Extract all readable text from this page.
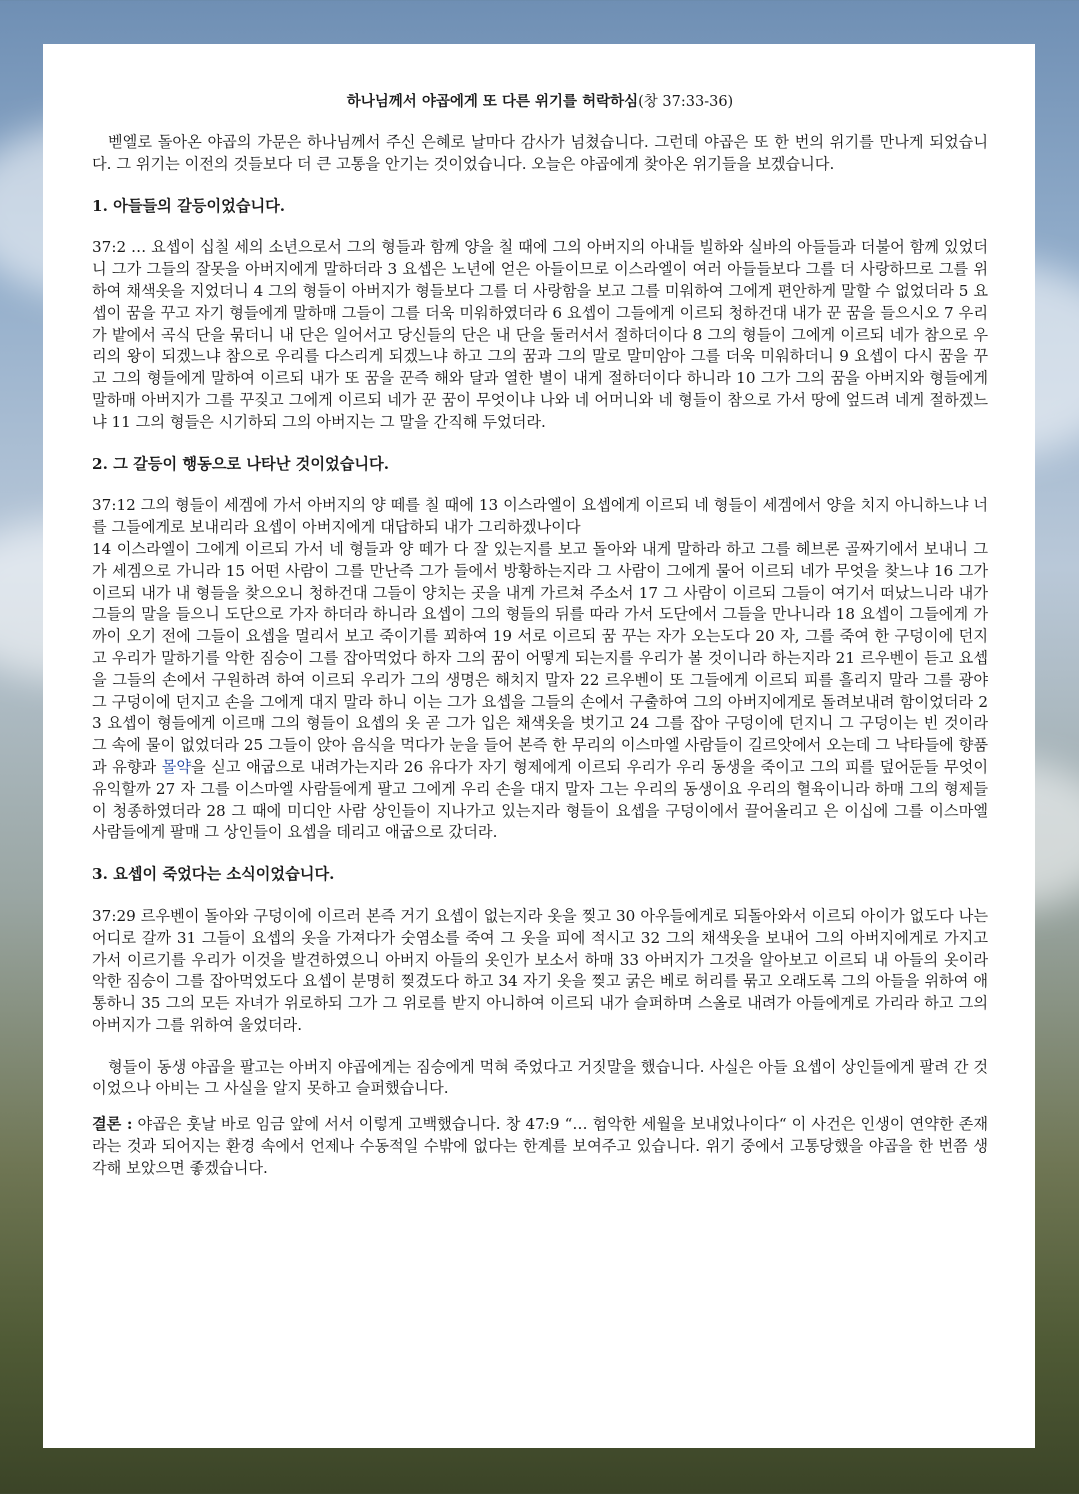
하나님께서 야곱에게 또 다른 위기를 허락하심(창 37:33-36)

벧엘로 돌아온 야곱의 가문은 하나님께서 주신 은혜로 날마다 감사가 넘쳤습니다. 그런데 야곱은 또 한 번의 위기를 만나게 되었습니다. 그 위기는 이전의 것들보다 더 큰 고통을 안기는 것이었습니다. 오늘은 야곱에게 찾아온 위기들을 보겠습니다.

1. 아들들의 갈등이었습니다.

37:2 … 요셉이 십칠 세의 소년으로서 그의 형들과 함께 양을 칠 때에 그의 아버지의 아내들 빌하와 실바의 아들들과 더불어 함께 있었더니 그가 그들의 잘못을 아버지에게 말하더라 3 요셉은 노년에 얻은 아들이므로 이스라엘이 여러 아들들보다 그를 더 사랑하므로 그를 위하여 채색옷을 지었더니 4 그의 형들이 아버지가 형들보다 그를 더 사랑함을 보고 그를 미워하여 그에게 편안하게 말할 수 없었더라 5 요셉이 꿈을 꾸고 자기 형들에게 말하매 그들이 그를 더욱 미워하였더라 6 요셉이 그들에게 이르되 청하건대 내가 꾼 꿈을 들으시오 7 우리가 밭에서 곡식 단을 묶더니 내 단은 일어서고 당신들의 단은 내 단을 둘러서서 절하더이다 8 그의 형들이 그에게 이르되 네가 참으로 우리의 왕이 되겠느냐 참으로 우리를 다스리게 되겠느냐 하고 그의 꿈과 그의 말로 말미암아 그를 더욱 미워하더니 9 요셉이 다시 꿈을 꾸고 그의 형들에게 말하여 이르되 내가 또 꿈을 꾼즉 해와 달과 열한 별이 내게 절하더이다 하니라 10 그가 그의 꿈을 아버지와 형들에게 말하매 아버지가 그를 꾸짖고 그에게 이르되 네가 꾼 꿈이 무엇이냐 나와 네 어머니와 네 형들이 참으로 가서 땅에 엎드려 네게 절하겠느냐 11 그의 형들은 시기하되 그의 아버지는 그 말을 간직해 두었더라.

2. 그 갈등이 행동으로 나타난 것이었습니다.

37:12 그의 형들이 세겜에 가서 아버지의 양 떼를 칠 때에 13 이스라엘이 요셉에게 이르되 네 형들이 세겜에서 양을 치지 아니하느냐 너를 그들에게로 보내리라 요셉이 아버지에게 대답하되 내가 그리하겠나이다

14 이스라엘이 그에게 이르되 가서 네 형들과 양 떼가 다 잘 있는지를 보고 돌아와 내게 말하라 하고 그를 헤브론 골짜기에서 보내니 그가 세겜으로 가니라 15 어떤 사람이 그를 만난즉 그가 들에서 방황하는지라 그 사람이 그에게 물어 이르되 네가 무엇을 찾느냐 16 그가 이르되 내가 내 형들을 찾으오니 청하건대 그들이 양치는 곳을 내게 가르쳐 주소서 17 그 사람이 이르되 그들이 여기서 떠났느니라 내가 그들의 말을 들으니 도단으로 가자 하더라 하니라 요셉이 그의 형들의 뒤를 따라 가서 도단에서 그들을 만나니라 18 요셉이 그들에게 가까이 오기 전에 그들이 요셉을 멀리서 보고 죽이기를 꾀하여 19 서로 이르되 꿈 꾸는 자가 오는도다 20 자, 그를 죽여 한 구덩이에 던지고 우리가 말하기를 악한 짐승이 그를 잡아먹었다 하자 그의 꿈이 어떻게 되는지를 우리가 볼 것이니라 하는지라 21 르우벤이 듣고 요셉을 그들의 손에서 구원하려 하여 이르되 우리가 그의 생명은 해치지 말자 22 르우벤이 또 그들에게 이르되 피를 흘리지 말라 그를 광야 그 구덩이에 던지고 손을 그에게 대지 말라 하니 이는 그가 요셉을 그들의 손에서 구출하여 그의 아버지에게로 돌려보내려 함이었더라 23 요셉이 형들에게 이르매 그의 형들이 요셉의 옷 곧 그가 입은 채색옷을 벗기고 24 그를 잡아 구덩이에 던지니 그 구덩이는 빈 것이라 그 속에 물이 없었더라 25 그들이 앉아 음식을 먹다가 눈을 들어 본즉 한 무리의 이스마엘 사람들이 길르앗에서 오는데 그 낙타들에 향품과 유향과 몰약을 싣고 애굽으로 내려가는지라 26 유다가 자기 형제에게 이르되 우리가 우리 동생을 죽이고 그의 피를 덮어둔들 무엇이 유익할까 27 자 그를 이스마엘 사람들에게 팔고 그에게 우리 손을 대지 말자 그는 우리의 동생이요 우리의 혈육이니라 하매 그의 형제들이 청종하였더라 28 그 때에 미디안 사람 상인들이 지나가고 있는지라 형들이 요셉을 구덩이에서 끌어올리고 은 이십에 그를 이스마엘 사람들에게 팔매 그 상인들이 요셉을 데리고 애굽으로 갔더라.

3. 요셉이 죽었다는 소식이었습니다.

37:29 르우벤이 돌아와 구덩이에 이르러 본즉 거기 요셉이 없는지라 옷을 찢고 30 아우들에게로 되돌아와서 이르되 아이가 없도다 나는 어디로 갈까 31 그들이 요셉의 옷을 가져다가 숫염소를 죽여 그 옷을 피에 적시고 32 그의 채색옷을 보내어 그의 아버지에게로 가지고 가서 이르기를 우리가 이것을 발견하였으니 아버지 아들의 옷인가 보소서 하매 33 아버지가 그것을 알아보고 이르되 내 아들의 옷이라 악한 짐승이 그를 잡아먹었도다 요셉이 분명히 찢겼도다 하고 34 자기 옷을 찢고 굵은 베로 허리를 묶고 오래도록 그의 아들을 위하여 애통하니 35 그의 모든 자녀가 위로하되 그가 그 위로를 받지 아니하여 이르되 내가 슬퍼하며 스올로 내려가 아들에게로 가리라 하고 그의 아버지가 그를 위하여 울었더라.

형들이 동생 야곱을 팔고는 아버지 야곱에게는 짐승에게 먹혀 죽었다고 거짓말을 했습니다. 사실은 아들 요셉이 상인들에게 팔려 간 것이었으나 아비는 그 사실을 알지 못하고 슬퍼했습니다.

결론 : 야곱은 훗날 바로 임금 앞에 서서 이렇게 고백했습니다. 창 47:9 “… 험악한 세월을 보내었나이다“ 이 사건은 인생이 연약한 존재라는 것과 되어지는 환경 속에서 언제나 수동적일 수밖에 없다는 한계를 보여주고 있습니다. 위기 중에서 고통당했을 야곱을 한 번쯤 생각해 보았으면 좋겠습니다.
